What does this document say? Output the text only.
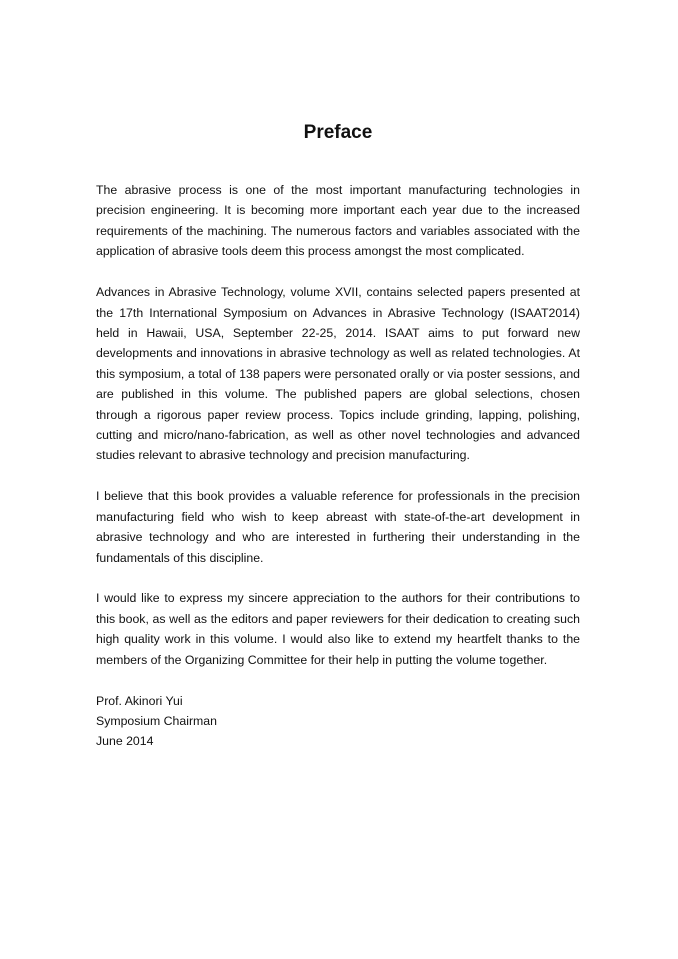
Preface

The abrasive process is one of the most important manufacturing technologies in precision engineering. It is becoming more important each year due to the increased requirements of the machining. The numerous factors and variables associated with the application of abrasive tools deem this process amongst the most complicated.

Advances in Abrasive Technology, volume XVII, contains selected papers presented at the 17th International Symposium on Advances in Abrasive Technology (ISAAT2014) held in Hawaii, USA, September 22-25, 2014. ISAAT aims to put forward new developments and innovations in abrasive technology as well as related technologies. At this symposium, a total of 138 papers were personated orally or via poster sessions, and are published in this volume. The published papers are global selections, chosen through a rigorous paper review process. Topics include grinding, lapping, polishing, cutting and micro/nano-fabrication, as well as other novel technologies and advanced studies relevant to abrasive technology and precision manufacturing.

I believe that this book provides a valuable reference for professionals in the precision manufacturing field who wish to keep abreast with state-of-the-art development in abrasive technology and who are interested in furthering their understanding in the fundamentals of this discipline.

I would like to express my sincere appreciation to the authors for their contributions to this book, as well as the editors and paper reviewers for their dedication to creating such high quality work in this volume. I would also like to extend my heartfelt thanks to the members of the Organizing Committee for their help in putting the volume together.

Prof. Akinori Yui
Symposium Chairman
June 2014
